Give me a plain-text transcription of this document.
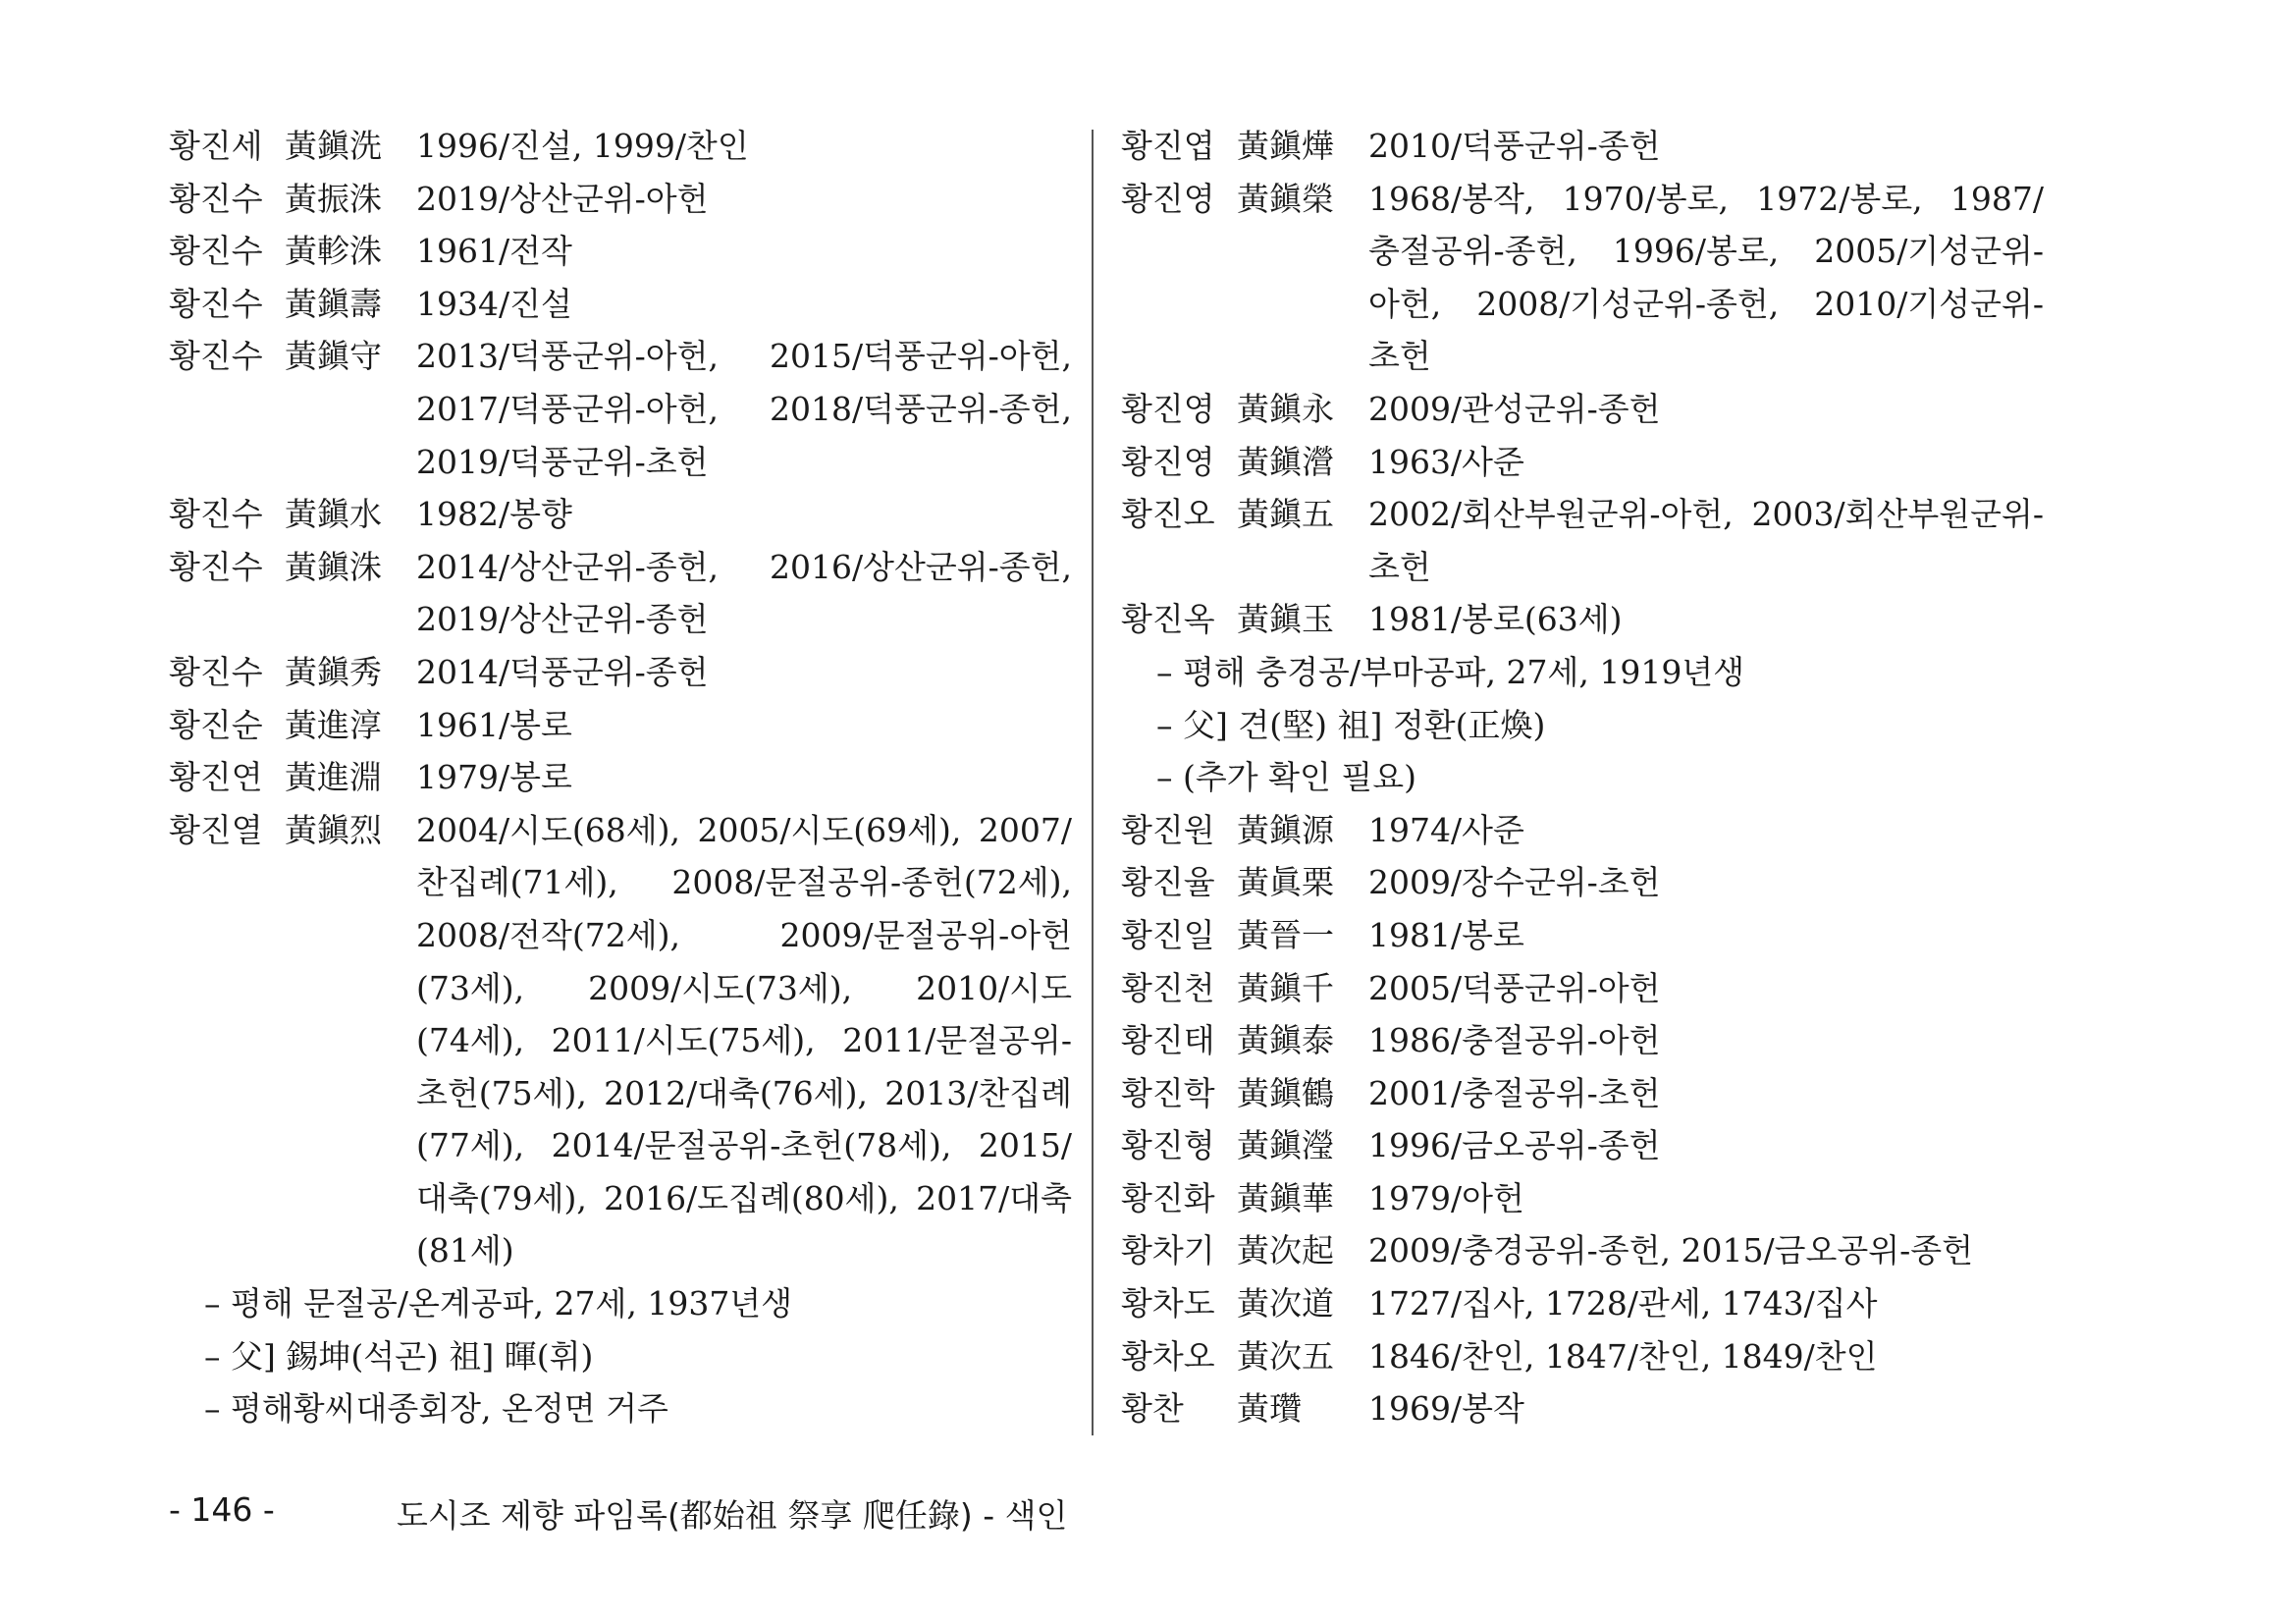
황진세 黃鎭洗 1996/진설, 1999/찬인
황진수 黃振洙 2019/상산군위-아헌
황진수 黃軫洙 1961/전작
황진수 黃鎭壽 1934/진설
황진수 黃鎭守 2013/덕풍군위-아헌, 2015/덕풍군위-아헌, 2017/덕풍군위-아헌, 2018/덕풍군위-종헌, 2019/덕풍군위-초헌
황진수 黃鎭水 1982/봉향
황진수 黃鎭洙 2014/상산군위-종헌, 2016/상산군위-종헌, 2019/상산군위-종헌
황진수 黃鎭秀 2014/덕풍군위-종헌
황진순 黃進淳 1961/봉로
황진연 黃進淵 1979/봉로
황진열 黃鎭烈 2004/시도(68세), 2005/시도(69세), 2007/찬집례(71세), 2008/문절공위-종헌(72세), 2008/전작(72세), 2009/문절공위-아헌(73세), 2009/시도(73세), 2010/시도(74세), 2011/시도(75세), 2011/문절공위-초헌(75세), 2012/대축(76세), 2013/찬집례(77세), 2014/문절공위-초헌(78세), 2015/대축(79세), 2016/도집례(80세), 2017/대축(81세)
– 평해 문절공/온계공파, 27세, 1937년생
– 父] 錫坤(석곤) 祖] 暉(휘)
– 평해황씨대종회장, 온정면 거주
황진엽 黃鎭燁 2010/덕풍군위-종헌
황진영 黃鎭榮 1968/봉작, 1970/봉로, 1972/봉로, 1987/충절공위-종헌, 1996/봉로, 2005/기성군위-아헌, 2008/기성군위-종헌, 2010/기성군위-초헌
황진영 黃鎭永 2009/관성군위-종헌
황진영 黃鎭瀯 1963/사준
황진오 黃鎭五 2002/회산부원군위-아헌, 2003/회산부원군위-초헌
황진옥 黃鎭玉 1981/봉로(63세)
– 평해 충경공/부마공파, 27세, 1919년생
– 父] 견(堅) 祖] 정환(正煥)
– (추가 확인 필요)
황진원 黃鎭源 1974/사준
황진율 黃眞栗 2009/장수군위-초헌
황진일 黃晉一 1981/봉로
황진천 黃鎭千 2005/덕풍군위-아헌
황진태 黃鎭泰 1986/충절공위-아헌
황진학 黃鎭鶴 2001/충절공위-초헌
황진형 黃鎭瀅 1996/금오공위-종헌
황진화 黃鎭華 1979/아헌
황차기 黃次起 2009/충경공위-종헌, 2015/금오공위-종헌
황차도 黃次道 1727/집사, 1728/관세, 1743/집사
황차오 黃次五 1846/찬인, 1847/찬인, 1849/찬인
황찬 黃瓚 1969/봉작
- 146 -	도시조 제향 파임록(都始祖 祭享 爬任錄) - 색인
